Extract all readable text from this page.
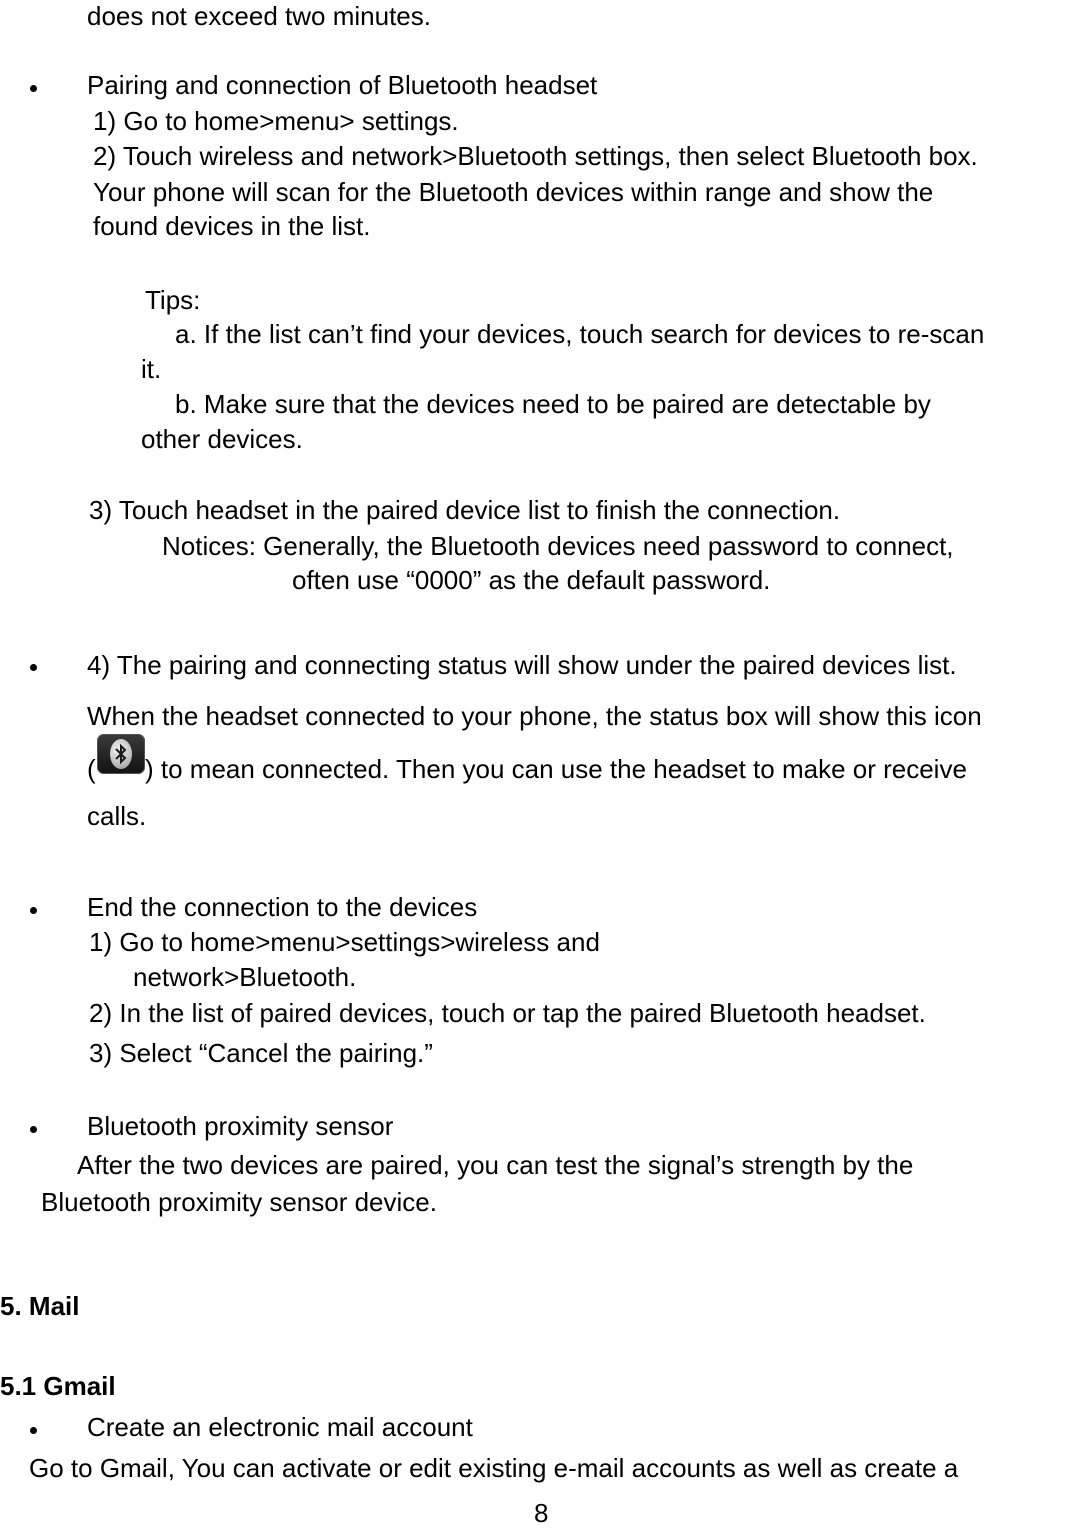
does not exceed two minutes.

Pairing and connection of Bluetooth headset

1) Go to home>menu> settings.

2) Touch wireless and network>Bluetooth settings, then select Bluetooth box.

Your phone will scan for the Bluetooth devices within range and show the

found devices in the list.

Tips:

a. If the list can’t find your devices, touch search for devices to re-scan

it.

b. Make sure that the devices need to be paired are detectable by

other devices.

3) Touch headset in the paired device list to finish the connection.

Notices: Generally, the Bluetooth devices need password to connect,

often use “0000” as the default password.

4) The pairing and connecting status will show under the paired devices list.

When the headset connected to your phone, the status box will show this icon

( ) to mean connected. Then you can use the headset to make or receive

calls.

End the connection to the devices

1) Go to home>menu>settings>wireless and

network>Bluetooth.

2) In the list of paired devices, touch or tap the paired Bluetooth headset.

3) Select “Cancel the pairing.”

Bluetooth proximity sensor

After the two devices are paired, you can test the signal’s strength by the

Bluetooth proximity sensor device.

5. Mail

5.1 Gmail

Create an electronic mail account

Go to Gmail, You can activate or edit existing e-mail accounts as well as create a

8
